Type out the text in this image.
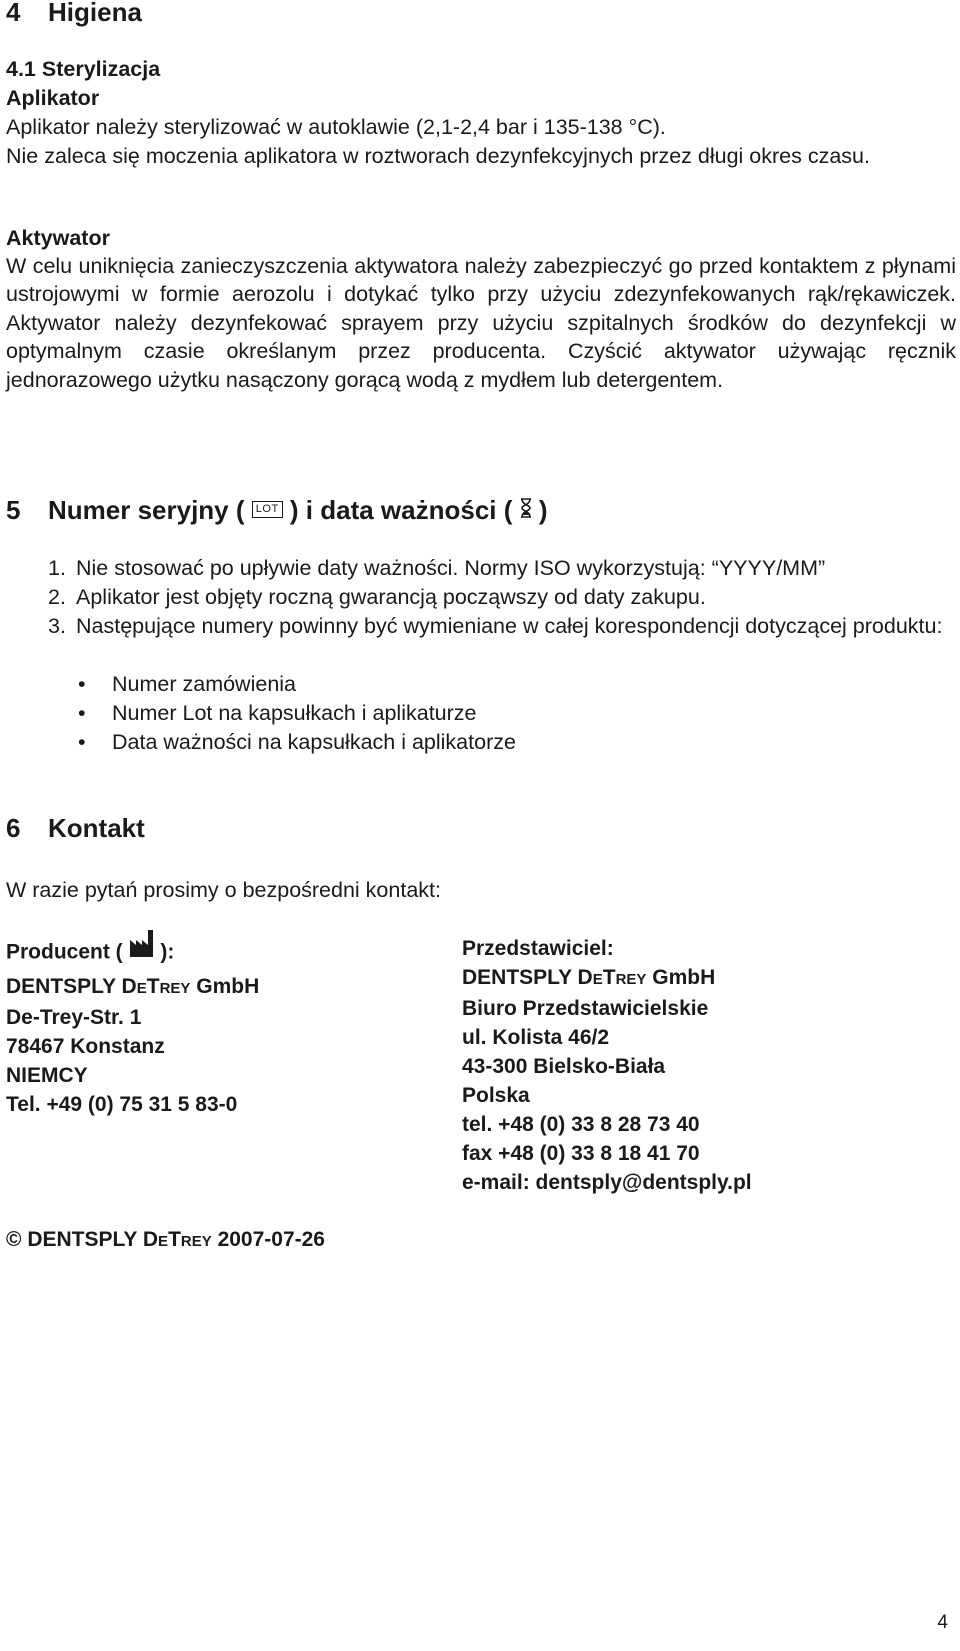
4 Higiena
4.1 Sterylizacja
Aplikator
Aplikator należy sterylizować w autoklawie (2,1-2,4 bar i 135-138 °C).
Nie zaleca się moczenia aplikatora w roztworach dezynfekcyjnych przez długi okres czasu.
Aktywator
W celu uniknięcia zanieczyszczenia aktywatora należy zabezpieczyć go przed kontaktem z płynami ustrojowymi w formie aerozolu i dotykać tylko przy użyciu zdezynfekowanych rąk/rękawiczek. Aktywator należy dezynfekować sprayem przy użyciu szpitalnych środków do dezynfekcji w optymalnym czasie określanym przez producenta. Czyścić aktywator używając ręcznik jednorazowego użytku nasączony gorącą wodą z mydłem lub detergentem.
5 Numer seryjny ( LOT ) i data ważności ( )
1. Nie stosować po upływie daty ważności. Normy ISO wykorzystują: “YYYY/MM”
2. Aplikator jest objęty roczną gwarancją począwszy od daty zakupu.
3. Następujące numery powinny być wymieniane w całej korespondencji dotyczącej produktu:
•	Numer zamówienia
•	Numer Lot na kapsułkach i aplikaturze
•	Data ważności na kapsułkach i aplikatorze
6 Kontakt
W razie pytań prosimy o bezpośredni kontakt:
Producent ( ):
DENTSPLY DETREY GmbH
De-Trey-Str. 1
78467 Konstanz
NIEMCY
Tel. +49 (0) 75 31 5 83-0
Przedstawiciel:
DENTSPLY DETREY GmbH
Biuro Przedstawicielskie
ul. Kolista 46/2
43-300 Bielsko-Biała
Polska
tel. +48 (0) 33 8 28 73 40
fax +48 (0) 33 8 18 41 70
e-mail: dentsply@dentsply.pl
© DENTSPLY DETREY 2007-07-26
4
